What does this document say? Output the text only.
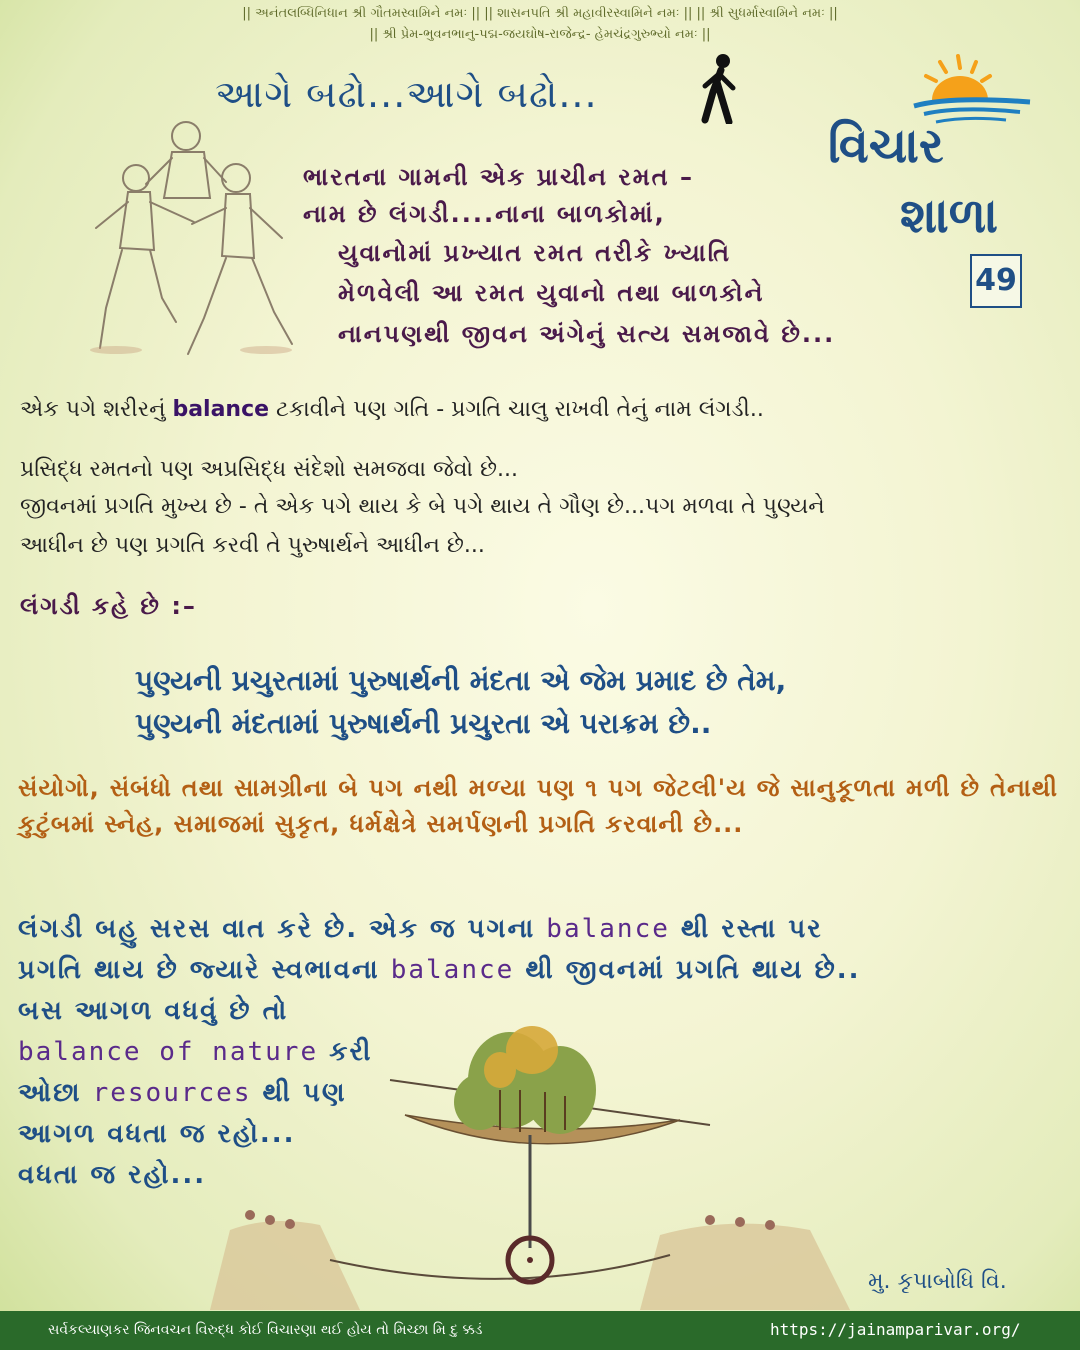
|| અનંતલબ્ધિનિધાન શ્રી ગૌતમસ્વામિને નમઃ || || શાસનપતિ શ્રી મહાવીરસ્વામિને નમઃ || || શ્રી સુધર્માસ્વામિને નમઃ ||
|| શ્રી પ્રેમ-ભુવનભાનુ-પદ્મ-જયઘોષ-રાજેન્દ્ર- હેમચંદ્રગુરુભ્યો નમઃ ||
આગે બઢો...આગે બઢો...
વિચાર
શાળા
49
ભારતના ગામની એક પ્રાચીન રમત –
નામ છે લંગડી....નાના બાળકોમાં,
યુવાનોમાં પ્રખ્યાત રમત તરીકે ખ્યાતિ
મેળવેલી આ રમત યુવાનો તથા બાળકોને
નાનપણથી જીવન અંગેનું સત્ય સમજાવે છે...
એક પગે શરીરનું balance ટકાવીને પણ ગતિ - પ્રગતિ ચાલુ રાખવી તેનું નામ લંગડી..
પ્રસિદ્ધ રમતનો પણ અપ્રસિદ્ધ સંદેશો સમજવા જેવો છે...
જીવનમાં પ્રગતિ મુખ્ય છે - તે એક પગે થાય કે બે પગે થાય તે ગૌણ છે...પગ મળવા તે પુણ્યને
આધીન છે પણ પ્રગતિ કરવી તે પુરુષાર્થને આધીન છે...
લંગડી કહે છે :–
પુણ્યની પ્રચુરતામાં પુરુષાર્થની મંદતા એ જેમ પ્રમાદ છે તેમ,
પુણ્યની મંદતામાં પુરુષાર્થની પ્રચુરતા એ પરાક્રમ છે..
સંયોગો, સંબંધો તથા સામગ્રીના બે પગ નથી મળ્યા પણ ૧ પગ જેટલી'ય જે સાનુકૂળતા મળી છે તેનાથી કુટુંબમાં સ્નેહ, સમાજમાં સુકૃત, ધર્મક્ષેત્રે સમર્પણની પ્રગતિ કરવાની છે...
લંગડી બહુ સરસ વાત કરે છે. એક જ પગના balance થી રસ્તા પર
પ્રગતિ થાય છે જ્યારે સ્વભાવના balance થી જીવનમાં પ્રગતિ થાય છે..
બસ આગળ વધવું છે તો
balance of nature કરી
ઓછા resources થી પણ
આગળ વધતા જ રહો...
વધતા જ રહો...
મુ. કૃપાબોધિ વિ.
સર્વકલ્યાણકર જિનવચન વિરુદ્ધ કોઈ વિચારણા થઈ હોય તો મિચ્છા મિ દુ ક્કડં	https://jainamparivar.org/
